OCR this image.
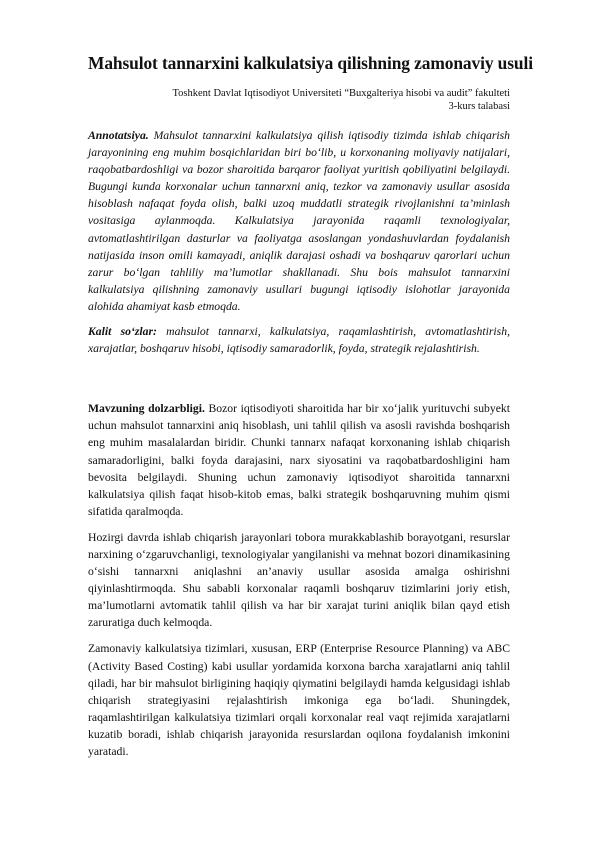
Mahsulot tannarxini kalkulatsiya qilishning zamonaviy usuli
Toshkent Davlat Iqtisodiyot Universiteti “Buxgalteriya hisobi va audit” fakulteti
3-kurs talabasi

Annotatsiya. Mahsulot tannarxini kalkulatsiya qilish iqtisodiy tizimda ishlab chiqarish jarayonining eng muhim bosqichlaridan biri bo‘lib, u korxonaning moliyaviy natijalari, raqobatbardoshligi va bozor sharoitida barqaror faoliyat yuritish qobiliyatini belgilaydi. Bugungi kunda korxonalar uchun tannarxni aniq, tezkor va zamonaviy usullar asosida hisoblash nafaqat foyda olish, balki uzoq muddatli strategik rivojlanishni ta’minlash vositasiga aylanmoqda. Kalkulatsiya jarayonida raqamli texnologiyalar, avtomatlashtirilgan dasturlar va faoliyatga asoslangan yondashuvlardan foydalanish natijasida inson omili kamayadi, aniqlik darajasi oshadi va boshqaruv qarorlari uchun zarur bo‘lgan tahliliy ma’lumotlar shakllanadi. Shu bois mahsulot tannarxini kalkulatsiya qilishning zamonaviy usullari bugungi iqtisodiy islohotlar jarayonida alohida ahamiyat kasb etmoqda.

Kalit so‘zlar: mahsulot tannarxi, kalkulatsiya, raqamlashtirish, avtomatlashtirish, xarajatlar, boshqaruv hisobi, iqtisodiy samaradorlik, foyda, strategik rejalashtirish.

Mavzuning dolzarbligi. Bozor iqtisodiyoti sharoitida har bir xo‘jalik yurituvchi subyekt uchun mahsulot tannarxini aniq hisoblash, uni tahlil qilish va asosli ravishda boshqarish eng muhim masalalardan biridir. Chunki tannarx nafaqat korxonaning ishlab chiqarish samaradorligini, balki foyda darajasini, narx siyosatini va raqobatbardoshligini ham bevosita belgilaydi. Shuning uchun zamonaviy iqtisodiyot sharoitida tannarxni kalkulatsiya qilish faqat hisob-kitob emas, balki strategik boshqaruvning muhim qismi sifatida qaralmoqda.

Hozirgi davrda ishlab chiqarish jarayonlari tobora murakkablashib borayotgani, resurslar narxining o‘zgaruvchanligi, texnologiyalar yangilanishi va mehnat bozori dinamikasining o‘sishi tannarxni aniqlashni an’anaviy usullar asosida amalga oshirishni qiyinlashtirmoqda. Shu sababli korxonalar raqamli boshqaruv tizimlarini joriy etish, ma’lumotlarni avtomatik tahlil qilish va har bir xarajat turini aniqlik bilan qayd etish zaruratiga duch kelmoqda.

Zamonaviy kalkulatsiya tizimlari, xususan, ERP (Enterprise Resource Planning) va ABC (Activity Based Costing) kabi usullar yordamida korxona barcha xarajatlarni aniq tahlil qiladi, har bir mahsulot birligining haqiqiy qiymatini belgilaydi hamda kelgusidagi ishlab chiqarish strategiyasini rejalashtirish imkoniga ega bo‘ladi. Shuningdek, raqamlashtirilgan kalkulatsiya tizimlari orqali korxonalar real vaqt rejimida xarajatlarni kuzatib boradi, ishlab chiqarish jarayonida resurslardan oqilona foydalanish imkonini yaratadi.
